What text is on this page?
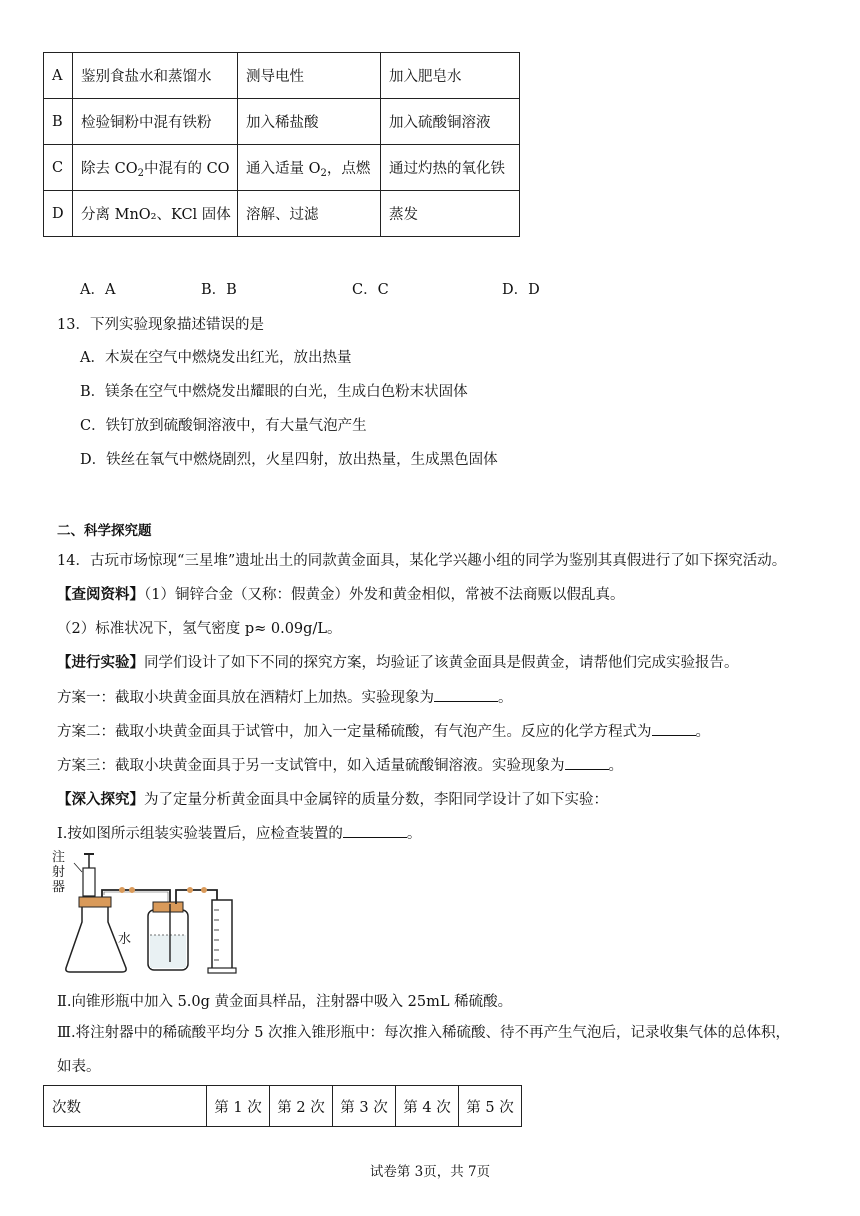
A	鉴别食盐水和蒸馏水	测导电性	加入肥皂水
B	检验铜粉中混有铁粉	加入稀盐酸	加入硫酸铜溶液
C	除去 $CO_2$中混有的 CO	通入适量 $O_2$，点燃	通过灼热的氧化铁
D	分离 MnO₂、KCl 固体	溶解、过滤	蒸发
A．A	B．B	C．C	D．D
13．下列实验现象描述错误的是
A．木炭在空气中燃烧发出红光，放出热量
B．镁条在空气中燃烧发出耀眼的白光，生成白色粉末状固体
C．铁钉放到硫酸铜溶液中，有大量气泡产生
D．铁丝在氧气中燃烧剧烈，火星四射，放出热量，生成黑色固体
二、科学探究题
14．古玩市场惊现“三星堆”遗址出土的同款黄金面具，某化学兴趣小组的同学为鉴别其真假进行了如下探究活动。
【查阅资料】（1）铜锌合金（又称：假黄金）外发和黄金相似，常被不法商贩以假乱真。
（2）标准状况下，氢气密度 p≈ 0.09g/L。
【进行实验】同学们设计了如下不同的探究方案，均验证了该黄金面具是假黄金，请帮他们完成实验报告。
方案一：截取小块黄金面具放在酒精灯上加热。实验现象为	。
方案二：截取小块黄金面具于试管中，加入一定量稀硫酸，有气泡产生。反应的化学方程式为	。
方案三：截取小块黄金面具于另一支试管中，如入适量硫酸铜溶液。实验现象为	。
【深入探究】为了定量分析黄金面具中金属锌的质量分数，李阳同学设计了如下实验：
Ⅰ.按如图所示组装实验装置后，应检查装置的	。
注射器
水
Ⅱ.向锥形瓶中加入 5.0g 黄金面具样品，注射器中吸入 25mL 稀硫酸。
Ⅲ.将注射器中的稀硫酸平均分 5 次推入锥形瓶中：每次推入稀硫酸、待不再产生气泡后，记录收集气体的总体积，
如表。
次数	第 1 次	第 2 次	第 3 次	第 4 次	第 5 次
试卷第 3页，共 7页
